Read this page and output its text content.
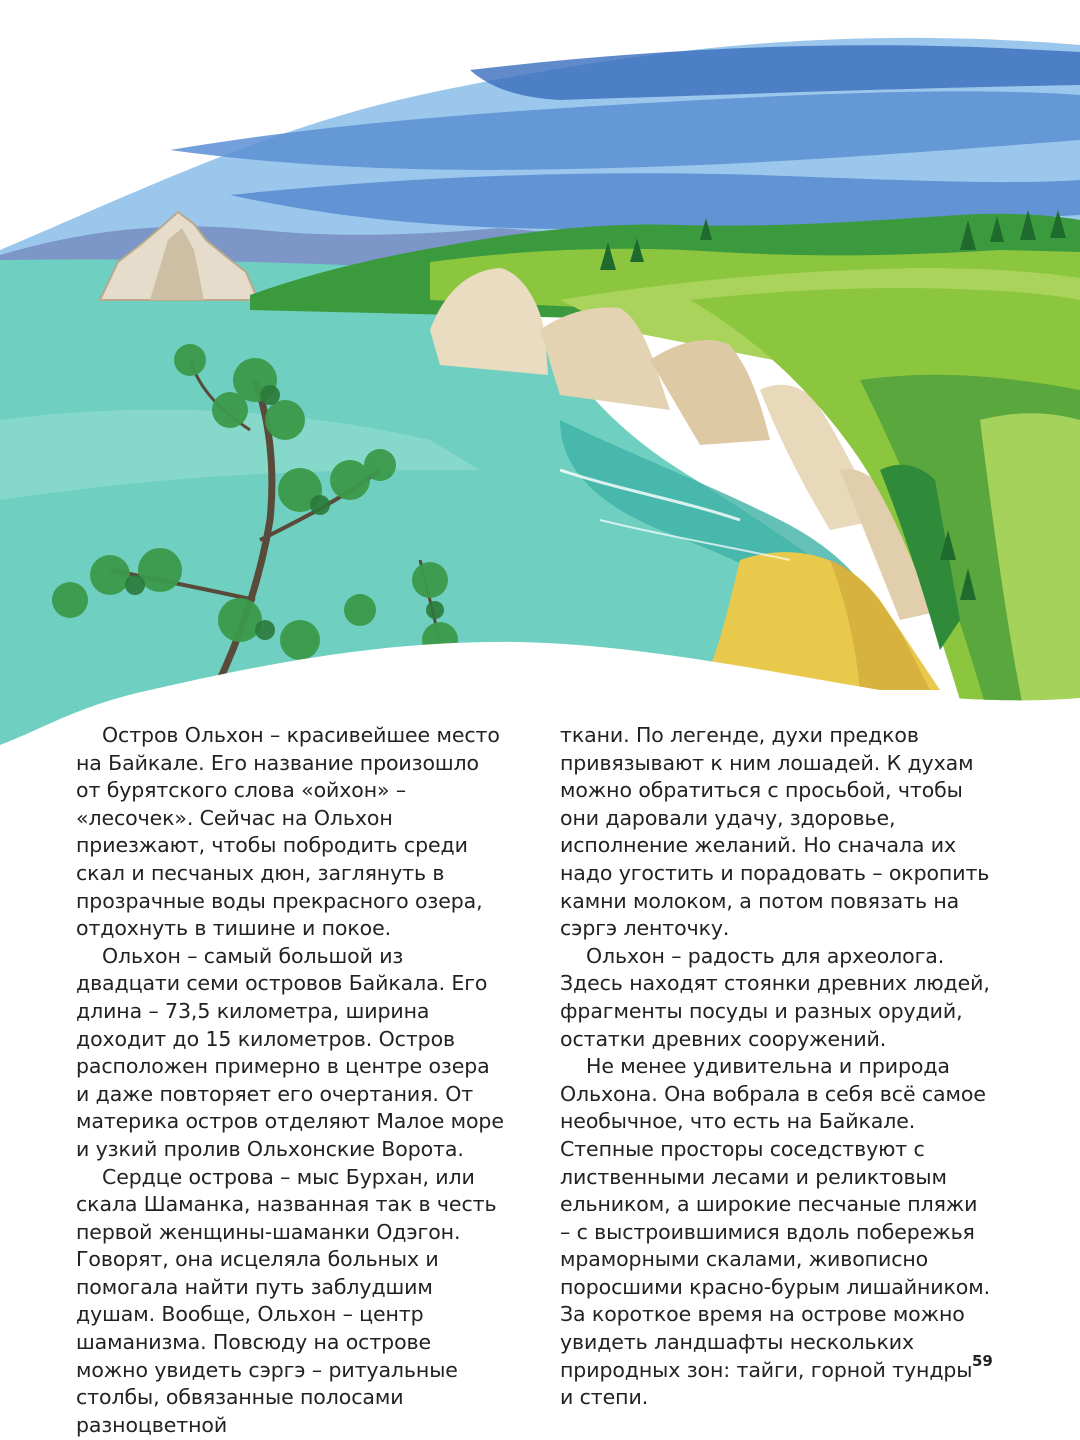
Остров Ольхон – красивейшее место на Байкале. Его название произошло от бурятского слова «ойхон» – «лесочек». Сейчас на Ольхон приезжают, чтобы побродить среди скал и песчаных дюн, заглянуть в прозрачные воды прекрасного озера, отдохнуть в тишине и покое.

Ольхон – самый большой из двадцати семи островов Байкала. Его длина – 73,5 километра, ширина доходит до 15 километров. Остров расположен примерно в центре озера и даже повторяет его очертания. От материка остров отделяют Малое море и узкий пролив Ольхонские Ворота.

Сердце острова – мыс Бурхан, или скала Шаманка, названная так в честь первой женщины-шаманки Одэгон. Говорят, она исцеляла больных и помогала найти путь заблудшим душам. Вообще, Ольхон – центр шаманизма. Повсюду на острове можно увидеть сэргэ – ритуальные столбы, обвязанные полосами разноцветной

ткани. По легенде, духи предков привязывают к ним лошадей. К духам можно обратиться с просьбой, чтобы они даровали удачу, здоровье, исполнение желаний. Но сначала их надо угостить и порадовать – окропить камни молоком, а потом повязать на сэргэ ленточку.

Ольхон – радость для археолога. Здесь находят стоянки древних людей, фрагменты посуды и разных орудий, остатки древних сооружений.

Не менее удивительна и природа Ольхона. Она вобрала в себя всё самое необычное, что есть на Байкале. Степные просторы соседствуют с лиственными лесами и реликтовым ельником, а широкие песчаные пляжи – с выстроившимися вдоль побережья мраморными скалами, живописно поросшими красно-бурым лишайником. За короткое время на острове можно увидеть ландшафты нескольких природных зон: тайги, горной тундры и степи.

59
